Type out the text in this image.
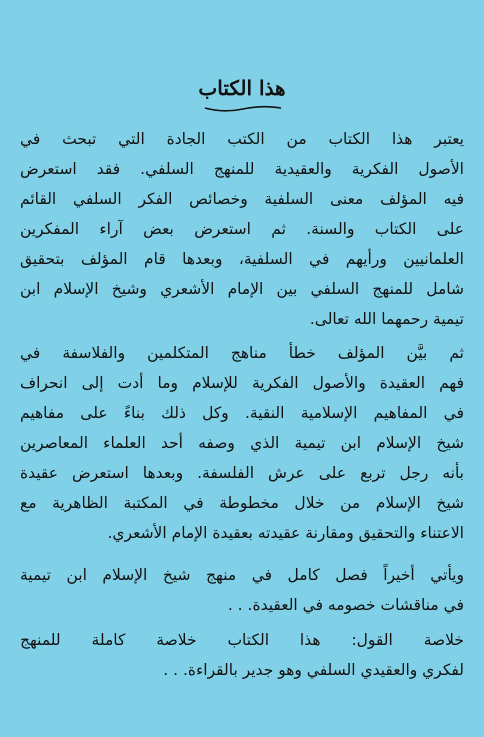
هذا الكتاب
يعتبر هذا الكتاب من الكتب الجادة التي تبحث في
الأصول الفكرية والعقيدية للمنهج السلفي. فقد استعرض
فيه المؤلف معنى السلفية وخصائص الفكر السلفي القائم
على الكتاب والسنة. ثم استعرض بعض آراء المفكرين
العلمانيين ورأيهم في السلفية، وبعدها قام المؤلف بتحقيق
شامل للمنهج السلفي بين الإمام الأشعري وشيخ الإسلام ابن
تيمية رحمهما الله تعالى.
ثم بيَّن المؤلف خطأ مناهج المتكلمين والفلاسفة في
فهم العقيدة والأصول الفكرية للإسلام وما أدت إلى انحراف
في المفاهيم الإسلامية النقية. وكل ذلك بناءً على مفاهيم
شيخ الإسلام ابن تيمية الذي وصفه أحد العلماء المعاصرين
بأنه رجل تربع على عرش الفلسفة. وبعدها استعرض عقيدة
شيخ الإسلام من خلال مخطوطة في المكتبة الظاهرية مع
الاعتناء والتحقيق ومقارنة عقيدته بعقيدة الإمام الأشعري.
ويأتي أخيراً فصل كامل في منهج شيخ الإسلام ابن تيمية
في مناقشات خصومه في العقيدة. . .
خلاصة القول: هذا الكتاب خلاصة كاملة للمنهج
لفكري والعقيدي السلفي وهو جدير بالقراءة. . .
